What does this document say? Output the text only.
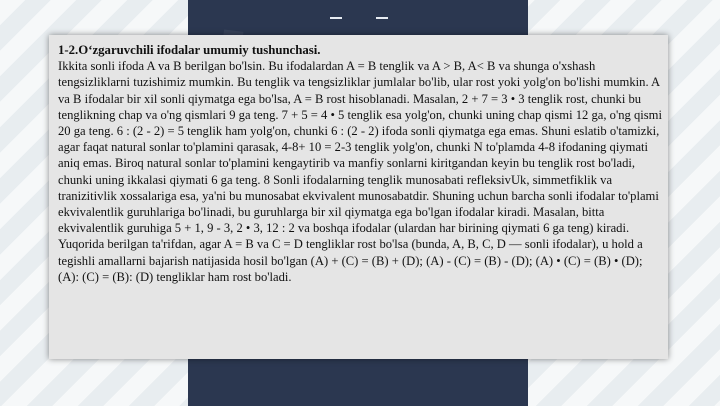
1-2.O‘zgaruvchili ifodalar umumiy tushunchasi.

Ikkita sonli ifoda A va B berilgan bo'lsin. Bu ifodalardan A = B tenglik va A > B, A< B va shunga o'xshash tengsizliklarni tuzishimiz mumkin. Bu tenglik va tengsizliklar jumlalar bo'lib, ular rost yoki yolg'on bo'lishi mumkin. A va B ifodalar bir xil sonli qiymatga ega bo'lsa, A = B rost hisoblanadi. Masalan, 2 + 7 = 3 • 3 tenglik rost, chunki bu tenglikning chap va o'ng qismlari 9 ga teng. 7 + 5 = 4 • 5 tenglik esa yolg'on, chunki uning chap qismi 12 ga, o'ng qismi 20 ga teng. 6 : (2 - 2) = 5 tenglik ham yolg'on, chunki 6 : (2 - 2) ifoda sonli qiymatga ega emas. Shuni eslatib o'tamizki, agar faqat natural sonlar to'plamini qarasak, 4-8+ 10 = 2-3 tenglik yolg'on, chunki N to'plamda 4-8 ifodaning qiymati aniq emas. Biroq natural sonlar to'plamini kengaytirib va manfiy sonlarni kiritgandan keyin bu tenglik rost bo'ladi, chunki uning ikkalasi qiymati 6 ga teng. 8 Sonli ifodalarning tenglik munosabati refleksivUk, simmetfiklik va tranizitivlik xossalariga esa, ya'ni bu munosabat ekvivalent munosabatdir. Shuning uchun barcha sonli ifodalar to'plami ekvivalentlik guruhlariga bo'linadi, bu guruhlarga bir xil qiymatga ega bo'lgan ifodalar kiradi. Masalan, bitta ekvivalentlik guruhiga 5 + 1, 9 - 3, 2 • 3, 12 : 2 va boshqa ifodalar (ulardan har birining qiymati 6 ga teng) kiradi. Yuqorida berilgan ta'rifdan, agar A = B va C = D tengliklar rost bo'lsa (bunda, A, B, C, D — sonli ifodalar), u hold a tegishli amallarni bajarish natijasida hosil bo'lgan (A) + (C) = (B) + (D); (A) - (C) = (B) - (D); (A) • (C) = (B) • (D); (A): (C) = (B): (D) tengliklar ham rost bo'ladi.
